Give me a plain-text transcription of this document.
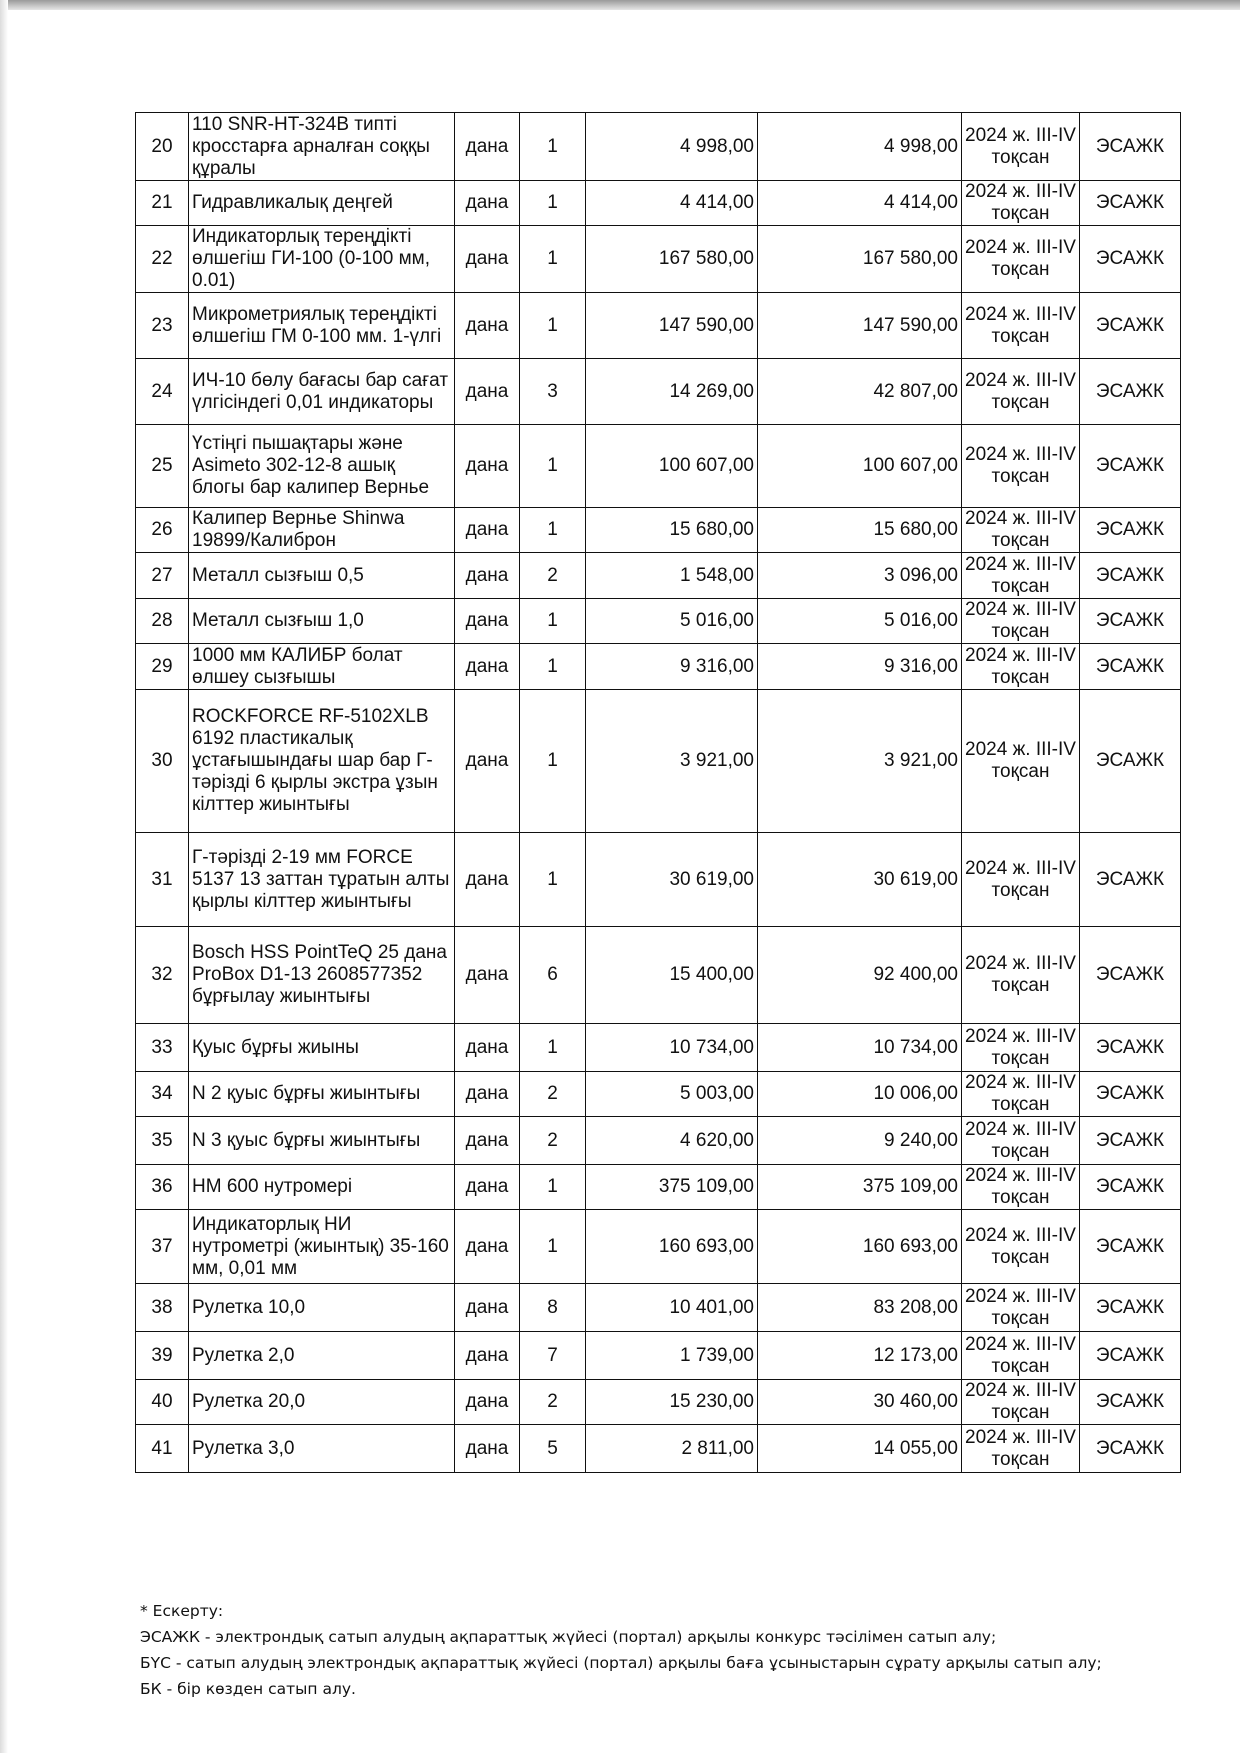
20	110 SNR-HT-324B типті кросстарға арналған соққы құралы	дана	1	4 998,00	4 998,00	2024 ж. III-IV тоқсан	ЭСАЖК
21	Гидравликалық деңгей	дана	1	4 414,00	4 414,00	2024 ж. III-IV тоқсан	ЭСАЖК
22	Индикаторлық тереңдікті өлшегіш ГИ-100 (0-100 мм, 0.01)	дана	1	167 580,00	167 580,00	2024 ж. III-IV тоқсан	ЭСАЖК
23	Микрометриялық тереңдікті өлшегіш ГМ 0-100 мм. 1-үлгі	дана	1	147 590,00	147 590,00	2024 ж. III-IV тоқсан	ЭСАЖК
24	ИЧ-10 бөлу бағасы бар сағат үлгісіндегі 0,01 индикаторы	дана	3	14 269,00	42 807,00	2024 ж. III-IV тоқсан	ЭСАЖК
25	Үстіңгі пышақтары және Asimeto 302-12-8 ашық блогы бар калипер Верньe	дана	1	100 607,00	100 607,00	2024 ж. III-IV тоқсан	ЭСАЖК
26	Калипер Верньe Shinwa 19899/Калиброн	дана	1	15 680,00	15 680,00	2024 ж. III-IV тоқсан	ЭСАЖК
27	Металл сызғыш 0,5	дана	2	1 548,00	3 096,00	2024 ж. III-IV тоқсан	ЭСАЖК
28	Металл сызғыш 1,0	дана	1	5 016,00	5 016,00	2024 ж. III-IV тоқсан	ЭСАЖК
29	1000 мм КАЛИБР болат өлшеу сызғышы	дана	1	9 316,00	9 316,00	2024 ж. III-IV тоқсан	ЭСАЖК
30	ROCKFORCE RF-5102XLB 6192 пластикалық ұстағышындағы шар бар Г-тәрізді 6 қырлы экстра ұзын кілттер жиынтығы	дана	1	3 921,00	3 921,00	2024 ж. III-IV тоқсан	ЭСАЖК
31	Г-тәрізді 2-19 мм FORCE 5137 13 заттан тұратын алты қырлы кілттер жиынтығы	дана	1	30 619,00	30 619,00	2024 ж. III-IV тоқсан	ЭСАЖК
32	Bosch HSS PointTeQ 25 дана ProBox D1-13 2608577352 бұрғылау жиынтығы	дана	6	15 400,00	92 400,00	2024 ж. III-IV тоқсан	ЭСАЖК
33	Қуыс бұрғы жиыны	дана	1	10 734,00	10 734,00	2024 ж. III-IV тоқсан	ЭСАЖК
34	N 2 қуыс бұрғы жиынтығы	дана	2	5 003,00	10 006,00	2024 ж. III-IV тоқсан	ЭСАЖК
35	N 3 қуыс бұрғы жиынтығы	дана	2	4 620,00	9 240,00	2024 ж. III-IV тоқсан	ЭСАЖК
36	НМ 600 нутромері	дана	1	375 109,00	375 109,00	2024 ж. III-IV тоқсан	ЭСАЖК
37	Индикаторлық НИ нутрометрі (жиынтық) 35-160 мм, 0,01 мм	дана	1	160 693,00	160 693,00	2024 ж. III-IV тоқсан	ЭСАЖК
38	Рулетка 10,0	дана	8	10 401,00	83 208,00	2024 ж. III-IV тоқсан	ЭСАЖК
39	Рулетка 2,0	дана	7	1 739,00	12 173,00	2024 ж. III-IV тоқсан	ЭСАЖК
40	Рулетка 20,0	дана	2	15 230,00	30 460,00	2024 ж. III-IV тоқсан	ЭСАЖК
41	Рулетка 3,0	дана	5	2 811,00	14 055,00	2024 ж. III-IV тоқсан	ЭСАЖК
* Ескерту:
ЭСАЖК - электрондық сатып алудың ақпараттық жүйесі (портал) арқылы конкурс тәсілімен сатып алу;
БҮС - сатып алудың электрондық ақпараттық жүйесі (портал) арқылы баға ұсыныстарын сұрату арқылы сатып алу;
БК - бір көзден сатып алу.
